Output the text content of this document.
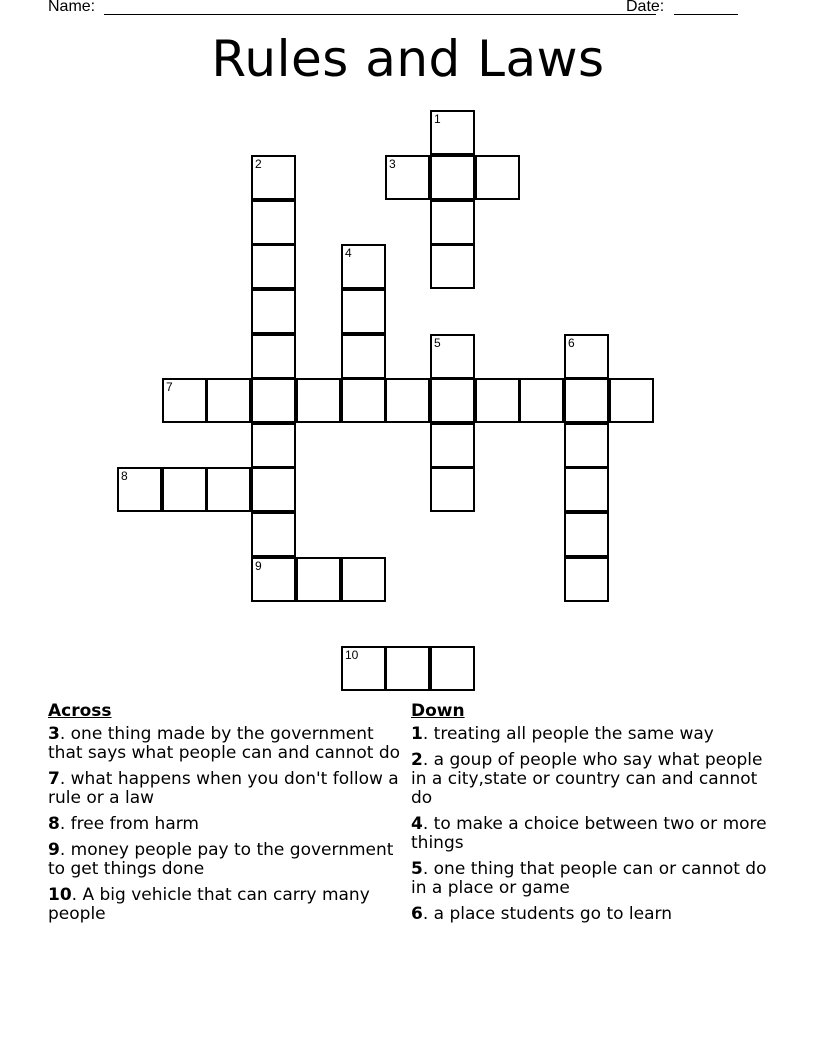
Name:	Date:
Rules and Laws
1
3
2
9
4
5	6
7
8
10
Across
3. one thing made by the government that says what people can and cannot do
7. what happens when you don't follow a rule or a law
8. free from harm
9. money people pay to the government to get things done
10. A big vehicle that can carry many people
Down
1. treating all people the same way
2. a goup of people who say what people in a city,state or country can and cannot do
4. to make a choice between two or more things
5. one thing that people can or cannot do in a place or game
6. a place students go to learn
